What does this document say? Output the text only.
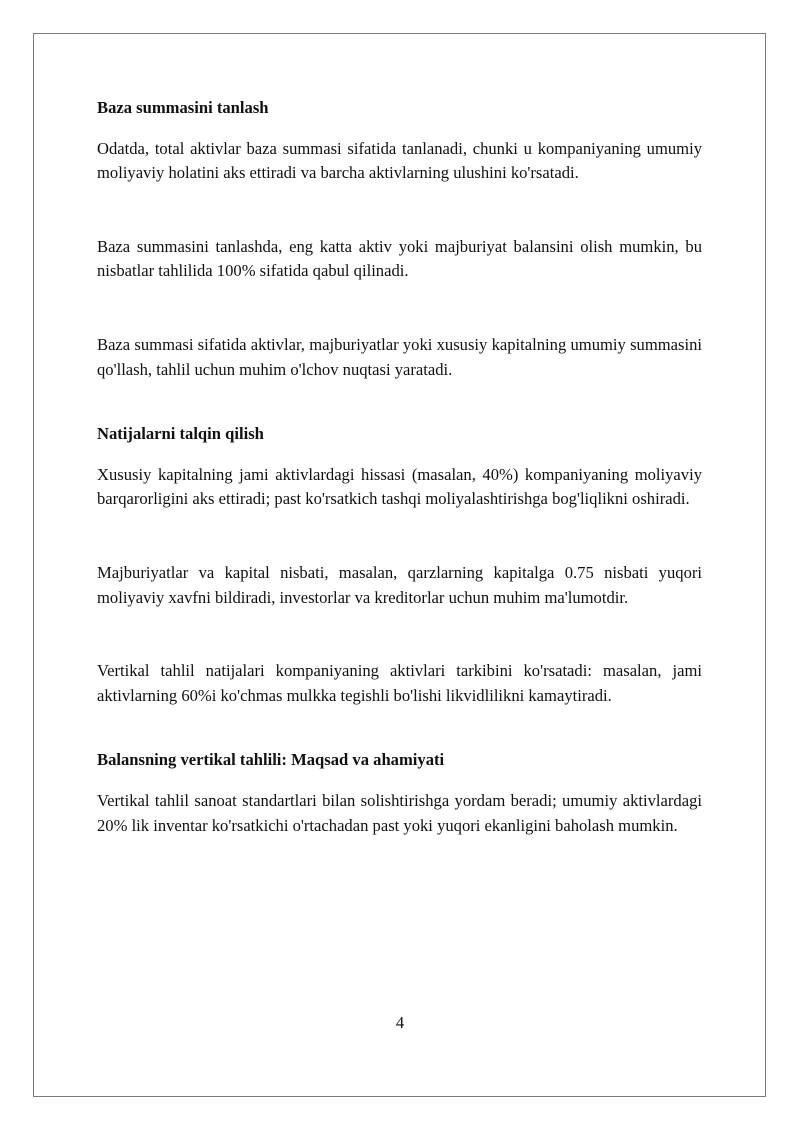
Baza summasini tanlash

Odatda, total aktivlar baza summasi sifatida tanlanadi, chunki u kompaniyaning umumiy moliyaviy holatini aks ettiradi va barcha aktivlarning ulushini ko'rsatadi.

Baza summasini tanlashda, eng katta aktiv yoki majburiyat balansini olish mumkin, bu nisbatlar tahlilida 100% sifatida qabul qilinadi.

Baza summasi sifatida aktivlar, majburiyatlar yoki xususiy kapitalning umumiy summasini qo'llash, tahlil uchun muhim o'lchov nuqtasi yaratadi.

Natijalarni talqin qilish

Xususiy kapitalning jami aktivlardagi hissasi (masalan, 40%) kompaniyaning moliyaviy barqarorligini aks ettiradi; past ko'rsatkich tashqi moliyalashtirishga bog'liqlikni oshiradi.

Majburiyatlar va kapital nisbati, masalan, qarzlarning kapitalga 0.75 nisbati yuqori moliyaviy xavfni bildiradi, investorlar va kreditorlar uchun muhim ma'lumotdir.

Vertikal tahlil natijalari kompaniyaning aktivlari tarkibini ko'rsatadi: masalan, jami aktivlarning 60%i ko'chmas mulkka tegishli bo'lishi likvidlilikni kamaytiradi.

Balansning vertikal tahlili: Maqsad va ahamiyati

Vertikal tahlil sanoat standartlari bilan solishtirishga yordam beradi; umumiy aktivlardagi 20% lik inventar ko'rsatkichi o'rtachadan past yoki yuqori ekanligini baholash mumkin.

4
